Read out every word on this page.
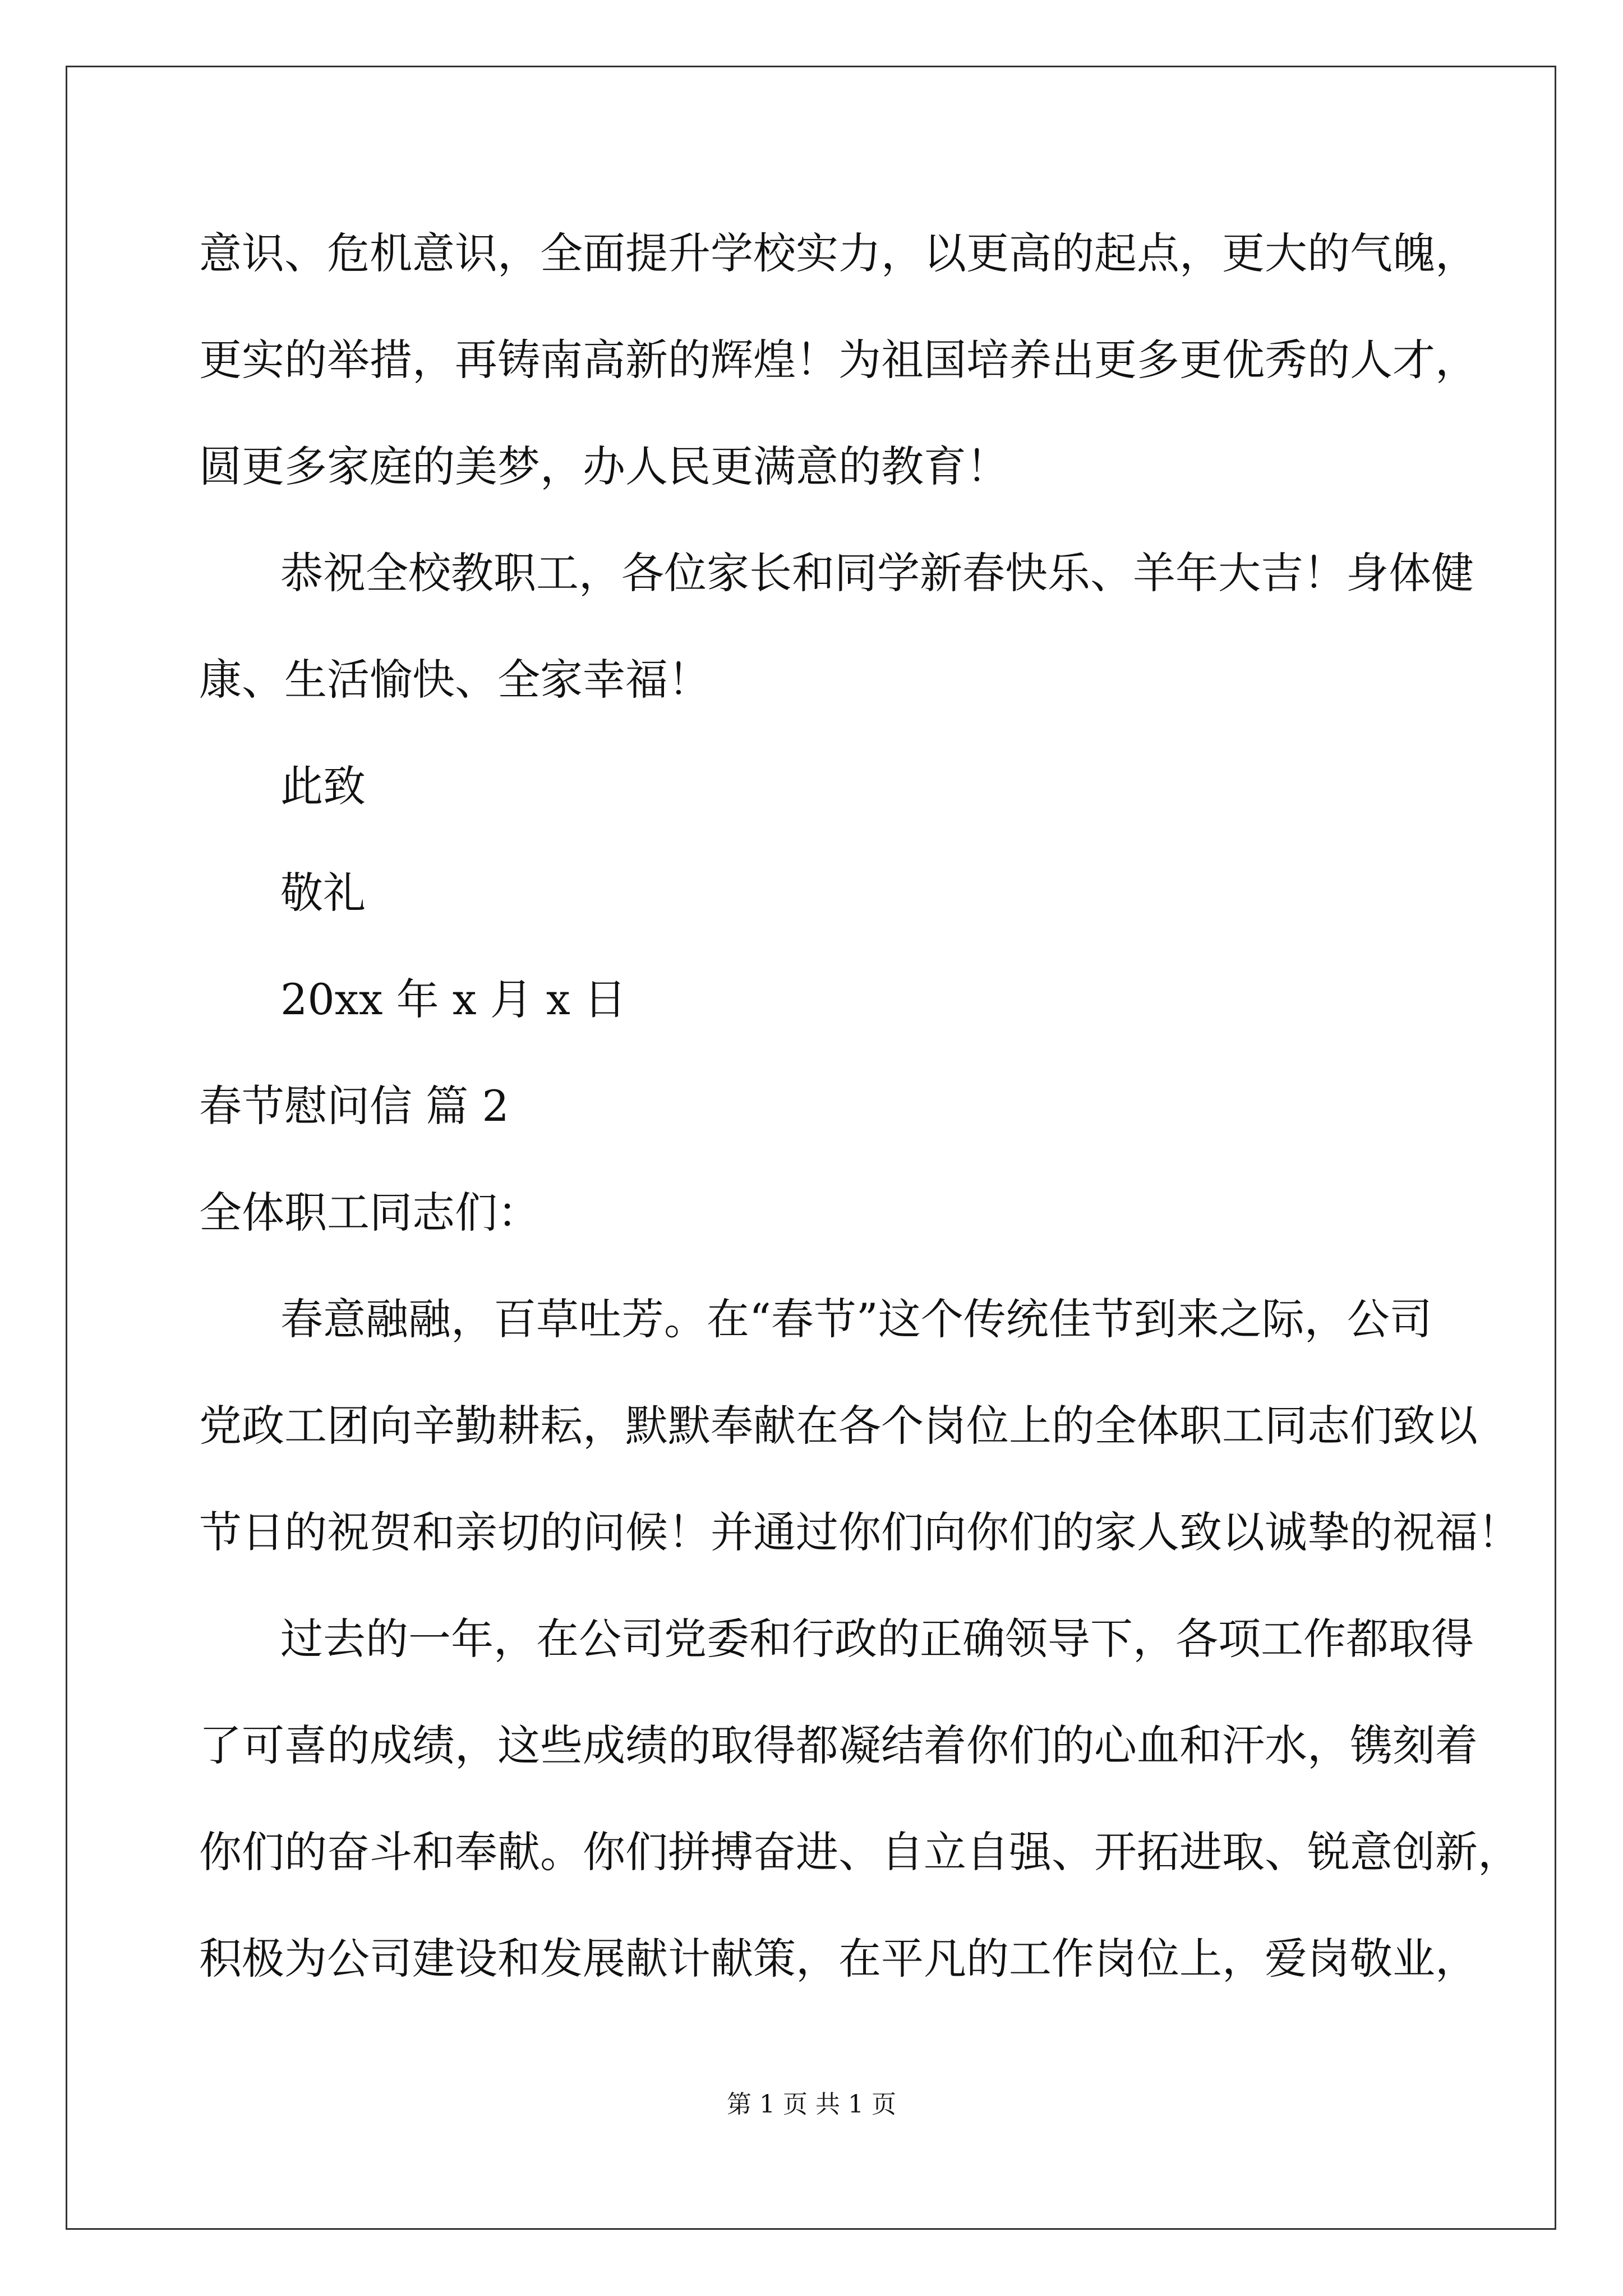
意识、危机意识，全面提升学校实力，以更高的起点，更大的气魄，
更实的举措，再铸南高新的辉煌！为祖国培养出更多更优秀的人才，
圆更多家庭的美梦，办人民更满意的教育！
恭祝全校教职工，各位家长和同学新春快乐、羊年大吉！身体健
康、生活愉快、全家幸福！
此致
敬礼
20xx 年 x 月 x 日
春节慰问信 篇 2
全体职工同志们：
春意融融，百草吐芳。在“春节”这个传统佳节到来之际，公司
党政工团向辛勤耕耘，默默奉献在各个岗位上的全体职工同志们致以
节日的祝贺和亲切的问候！并通过你们向你们的家人致以诚挚的祝福！
过去的一年，在公司党委和行政的正确领导下，各项工作都取得
了可喜的成绩，这些成绩的取得都凝结着你们的心血和汗水，镌刻着
你们的奋斗和奉献。你们拼搏奋进、自立自强、开拓进取、锐意创新，
积极为公司建设和发展献计献策，在平凡的工作岗位上，爱岗敬业，
第 1 页 共 1 页
